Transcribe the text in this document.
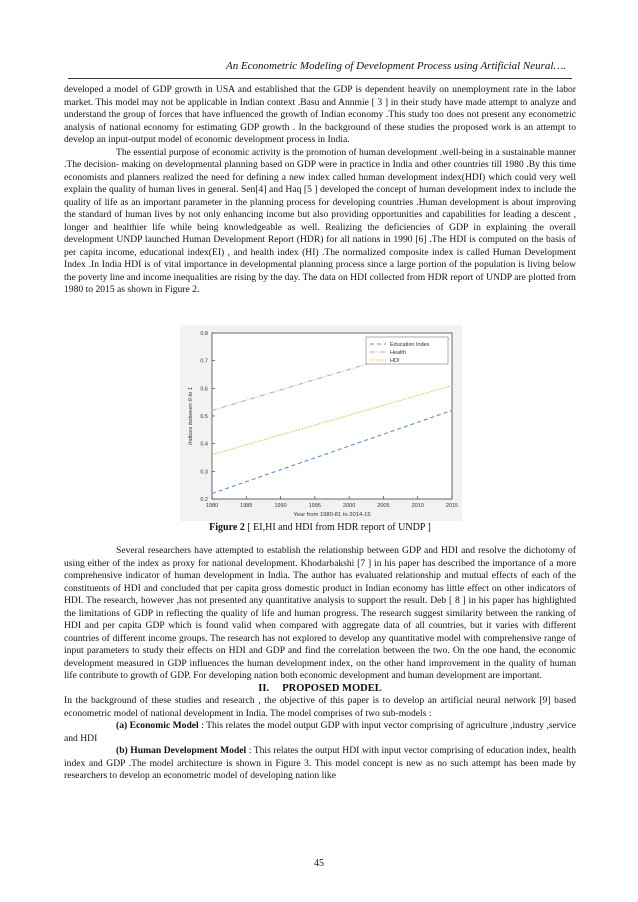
An Econometric Modeling of Development Process using Artificial Neural….

developed a model of GDP growth in USA and established that the GDP is dependent heavily on unemployment rate in the labor market. This model may not be applicable in Indian context .Basu and Annmie [ 3 ] in their study have made attempt to analyze and understand the group of forces that have influenced the growth of Indian economy .This study too does not present any econometric analysis of national economy for estimating GDP growth . In the background of these studies the proposed work is an attempt to develop an input-output model of economic development process in India.

The essential purpose of economic activity is the promotion of human development .well-being in a sustainable manner .The decision- making on developmental planning based on GDP were in practice in India and other countries till 1980 .By this time economists and planners realized the need for defining a new index called human development index(HDI) which could very well explain the quality of human lives in general. Sen[4] and Haq [5 ] developed the concept of human development index to include the quality of life as an important parameter in the planning process for developing countries .Human development is about improving the standard of human lives by not only enhancing income but also providing opportunities and capabilities for leading a descent , longer and healthier life while being knowledgeable as well. Realizing the deficiencies of GDP in explaining the overall development UNDP launched Human Development Report (HDR) for all nations in 1990 [6] .The HDI is computed on the basis of per capita income, educational index(EI) , and health index (HI) .The normalized composite index is called Human Development Index .In India HDI is of vital importance in developmental planning process since a large portion of the population is living below the poverty line and income inequalities are rising by the day. The data on HDI collected from HDR report of UNDP are plotted from 1980 to 2015 as shown in Figure 2.

1980	1985	1990	1995	2000	2005	2010	2015
0.2
0.3
0.4
0.5
0.6
0.7
0.8
Year from 1980-81 to 2014-15
Indices between 0 to 1
Education Index
Health
HDI
Figure 2 [ EI,HI and HDI from HDR report of UNDP ]

Several researchers have attempted to establish the relationship between GDP and HDI and resolve the dichotomy of using either of the index as proxy for national development. Khodarbakshi [7 ] in his paper has described the importance of a more comprehensive indicator of human development in India. The author has evaluated relationship and mutual effects of each of the constituents of HDI and concluded that per capita gross domestic product in Indian economy has little effect on other indicators of HDI. The research, however ,has not presented any quantitative analysis to support the result. Deb [ 8 ] in his paper has highlighted the limitations of GDP in reflecting the quality of life and human progress. The research suggest similarity between the ranking of HDI and per capita GDP which is found valid when compared with aggregate data of all countries, but it varies with different countries of different income groups. The research has not explored to develop any quantitative model with comprehensive range of input parameters to study their effects on HDI and GDP and find the correlation between the two. On the one hand, the economic development measured in GDP influences the human development index, on the other hand improvement in the quality of human life contribute to growth of GDP. For developing nation both economic development and human development are important.

II. PROPOSED MODEL

In the background of these studies and research , the objective of this paper is to develop an artificial neural network [9] based econometric model of national development in India. The model comprises of two sub-models :

(a) Economic Model : This relates the model output GDP with input vector comprising of agriculture ,industry ,service and HDI

(b) Human Development Model : This relates the output HDI with input vector comprising of education index, health index and GDP .The model architecture is shown in Figure 3. This model concept is new as no such attempt has been made by researchers to develop an econometric model of developing nation like

45
